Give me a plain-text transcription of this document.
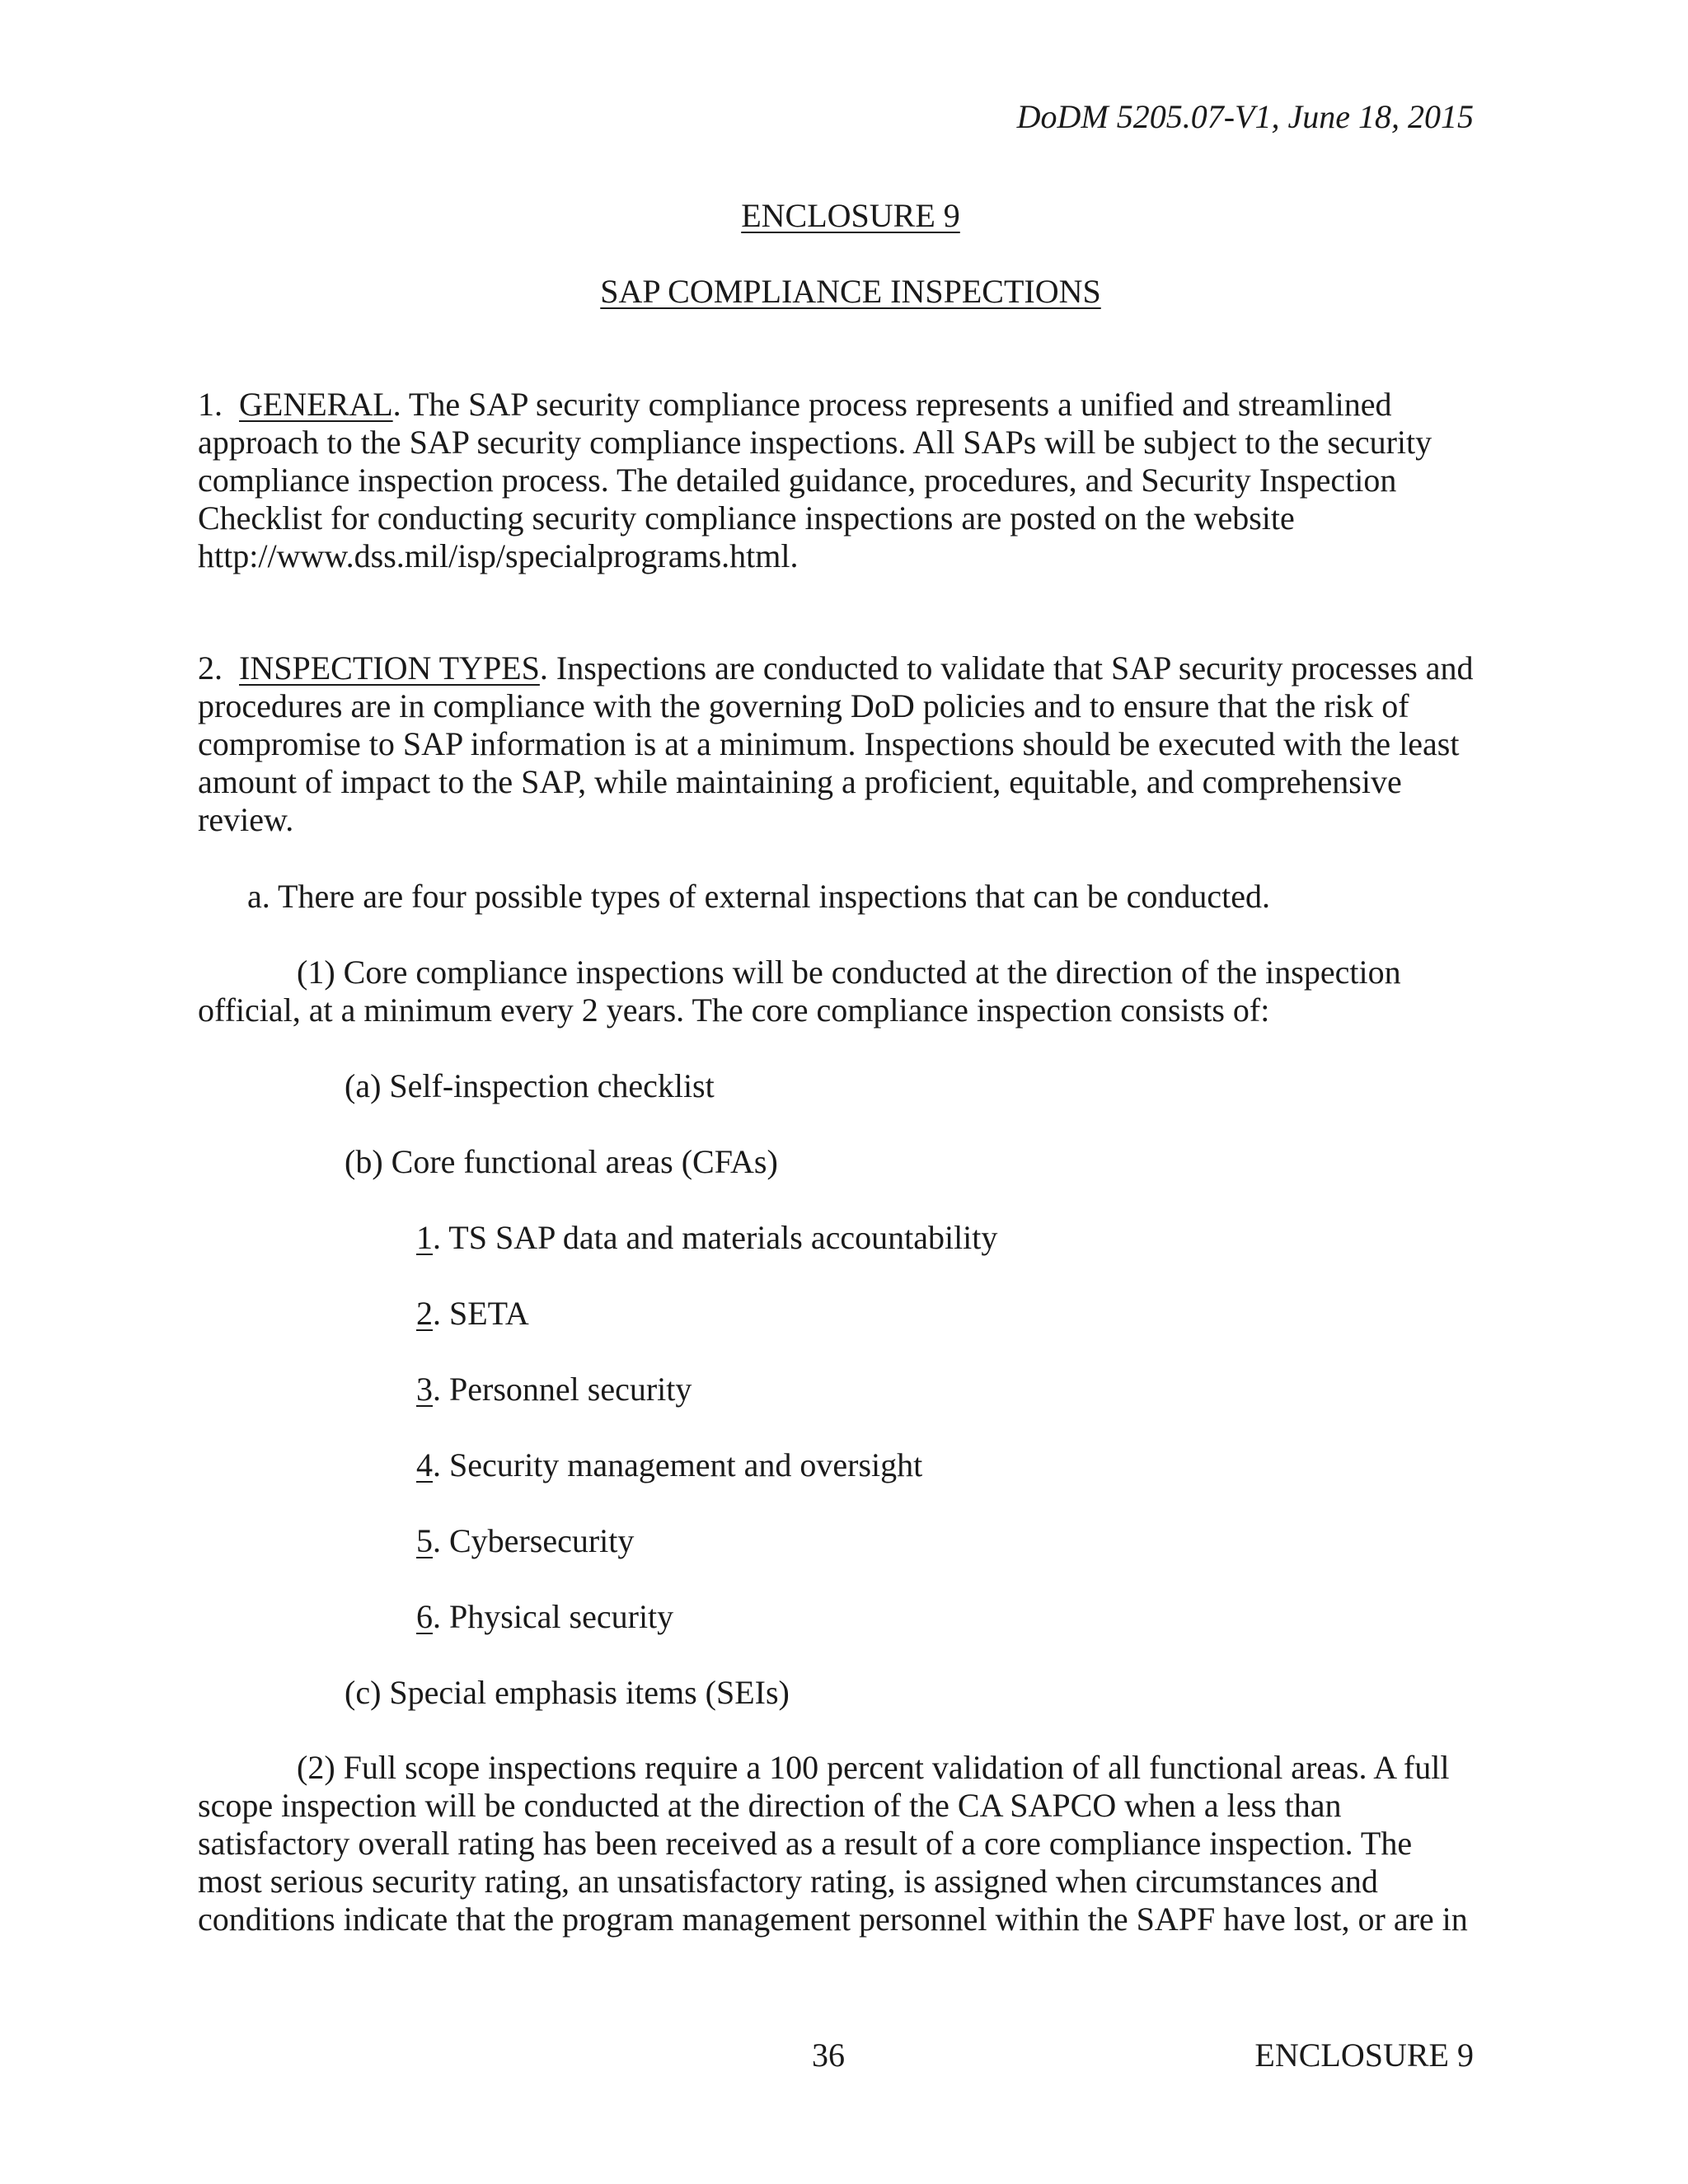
DoDM 5205.07-V1, June 18, 2015
ENCLOSURE 9
SAP COMPLIANCE INSPECTIONS
1. GENERAL. The SAP security compliance process represents a unified and streamlined
approach to the SAP security compliance inspections. All SAPs will be subject to the security
compliance inspection process. The detailed guidance, procedures, and Security Inspection
Checklist for conducting security compliance inspections are posted on the website
http://www.dss.mil/isp/specialprograms.html.
2. INSPECTION TYPES. Inspections are conducted to validate that SAP security processes and
procedures are in compliance with the governing DoD policies and to ensure that the risk of
compromise to SAP information is at a minimum. Inspections should be executed with the least
amount of impact to the SAP, while maintaining a proficient, equitable, and comprehensive
review.
a. There are four possible types of external inspections that can be conducted.
(1) Core compliance inspections will be conducted at the direction of the inspection
official, at a minimum every 2 years. The core compliance inspection consists of:
(a) Self-inspection checklist
(b) Core functional areas (CFAs)
1. TS SAP data and materials accountability
2. SETA
3. Personnel security
4. Security management and oversight
5. Cybersecurity
6. Physical security
(c) Special emphasis items (SEIs)
(2) Full scope inspections require a 100 percent validation of all functional areas. A full
scope inspection will be conducted at the direction of the CA SAPCO when a less than
satisfactory overall rating has been received as a result of a core compliance inspection. The
most serious security rating, an unsatisfactory rating, is assigned when circumstances and
conditions indicate that the program management personnel within the SAPF have lost, or are in
36	ENCLOSURE 9
